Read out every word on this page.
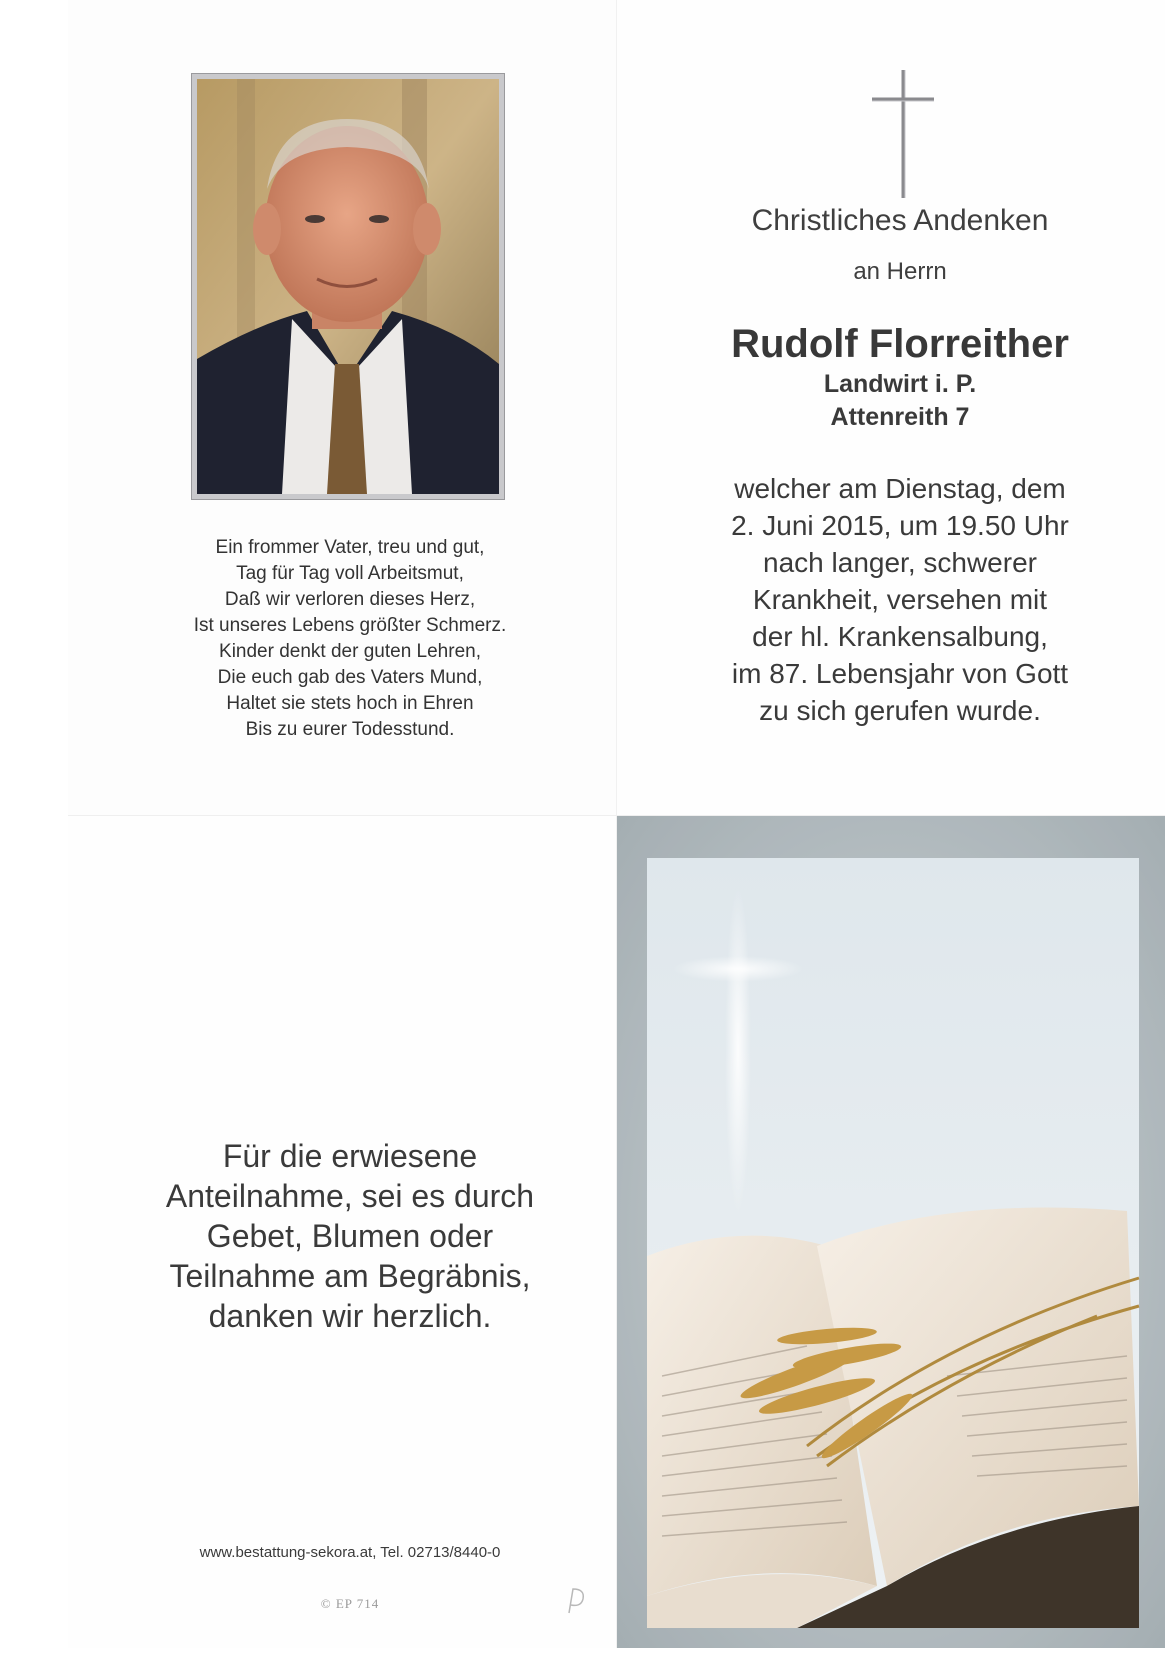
Ein frommer Vater, treu und gut,
Tag für Tag voll Arbeitsmut,
Daß wir verloren dieses Herz,
Ist unseres Lebens größter Schmerz.
Kinder denkt der guten Lehren,
Die euch gab des Vaters Mund,
Haltet sie stets hoch in Ehren
Bis zu eurer Todesstund.
Christliches Andenken
an Herrn
Rudolf Florreither
Landwirt i. P.
Attenreith 7
welcher am Dienstag, dem
2. Juni 2015, um 19.50 Uhr
nach langer, schwerer
Krankheit, versehen mit
der hl. Krankensalbung,
im 87. Lebensjahr von Gott
zu sich gerufen wurde.
Für die erwiesene
Anteilnahme, sei es durch
Gebet, Blumen oder
Teilnahme am Begräbnis,
danken wir herzlich.
www.bestattung-sekora.at, Tel. 02713/8440-0
© EP 714
